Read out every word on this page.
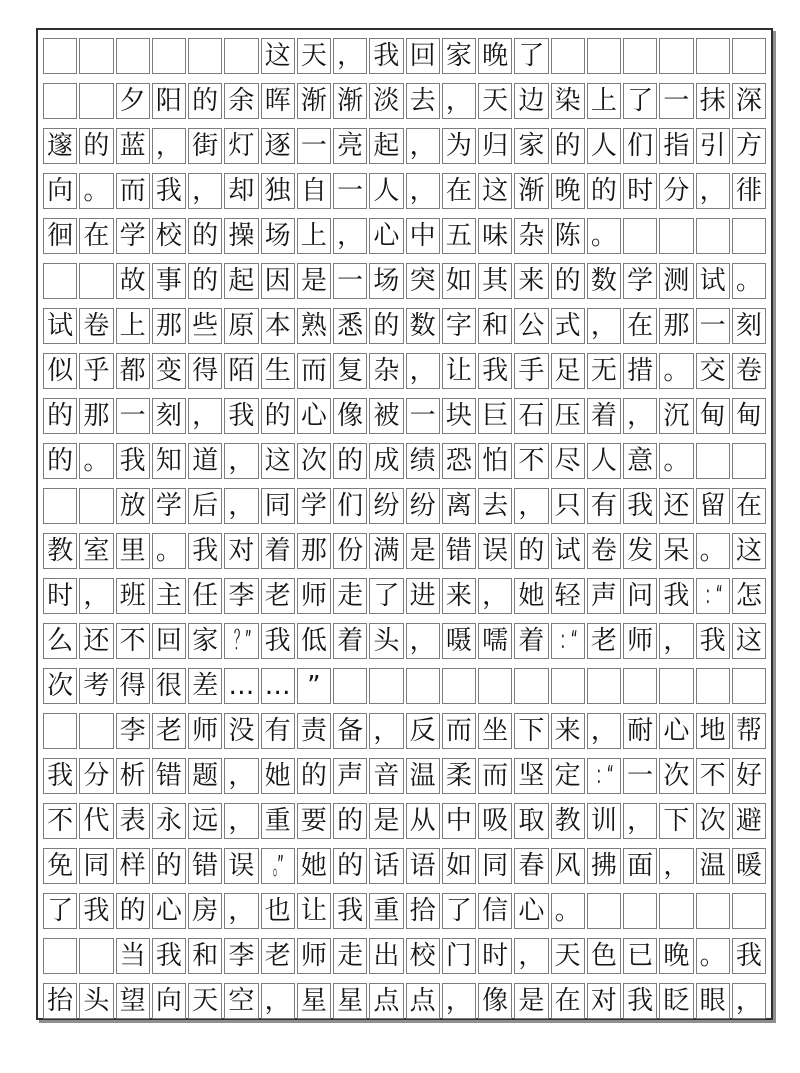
这 天 ， 我 回 家 晚 了
夕 阳 的 余 晖 渐 渐 淡 去 ， 天 边 染 上 了 一 抹 深
邃 的 蓝 ， 街 灯 逐 一 亮 起 ， 为 归 家 的 人 们 指 引 方
向 。 而 我 ， 却 独 自 一 人 ， 在 这 渐 晚 的 时 分 ， 徘
徊 在 学 校 的 操 场 上 ， 心 中 五 味 杂 陈 。
故 事 的 起 因 是 一 场 突 如 其 来 的 数 学 测 试 。
试 卷 上 那 些 原 本 熟 悉 的 数 字 和 公 式 ， 在 那 一 刻
似 乎 都 变 得 陌 生 而 复 杂 ， 让 我 手 足 无 措 。 交 卷
的 那 一 刻 ， 我 的 心 像 被 一 块 巨 石 压 着 ， 沉 甸 甸
的 。 我 知 道 ， 这 次 的 成 绩 恐 怕 不 尽 人 意 。
放 学 后 ， 同 学 们 纷 纷 离 去 ， 只 有 我 还 留 在
教 室 里 。 我 对 着 那 份 满 是 错 误 的 试 卷 发 呆 。 这
时 ， 班 主 任 李 老 师 走 了 进 来 ， 她 轻 声 问 我 ：“ 怎
么 还 不 回 家 ？” 我 低 着 头 ， 嗫 嚅 着 ：“ 老 师 ， 我 这
次 考 得 很 差 … … ”
李 老 师 没 有 责 备 ， 反 而 坐 下 来 ， 耐 心 地 帮
我 分 析 错 题 ， 她 的 声 音 温 柔 而 坚 定 ：“ 一 次 不 好
不 代 表 永 远 ， 重 要 的 是 从 中 吸 取 教 训 ， 下 次 避
免 同 样 的 错 误 。” 她 的 话 语 如 同 春 风 拂 面 ， 温 暖
了 我 的 心 房 ， 也 让 我 重 拾 了 信 心 。
当 我 和 李 老 师 走 出 校 门 时 ， 天 色 已 晚 。 我
抬 头 望 向 天 空 ， 星 星 点 点 ， 像 是 在 对 我 眨 眼 ，
